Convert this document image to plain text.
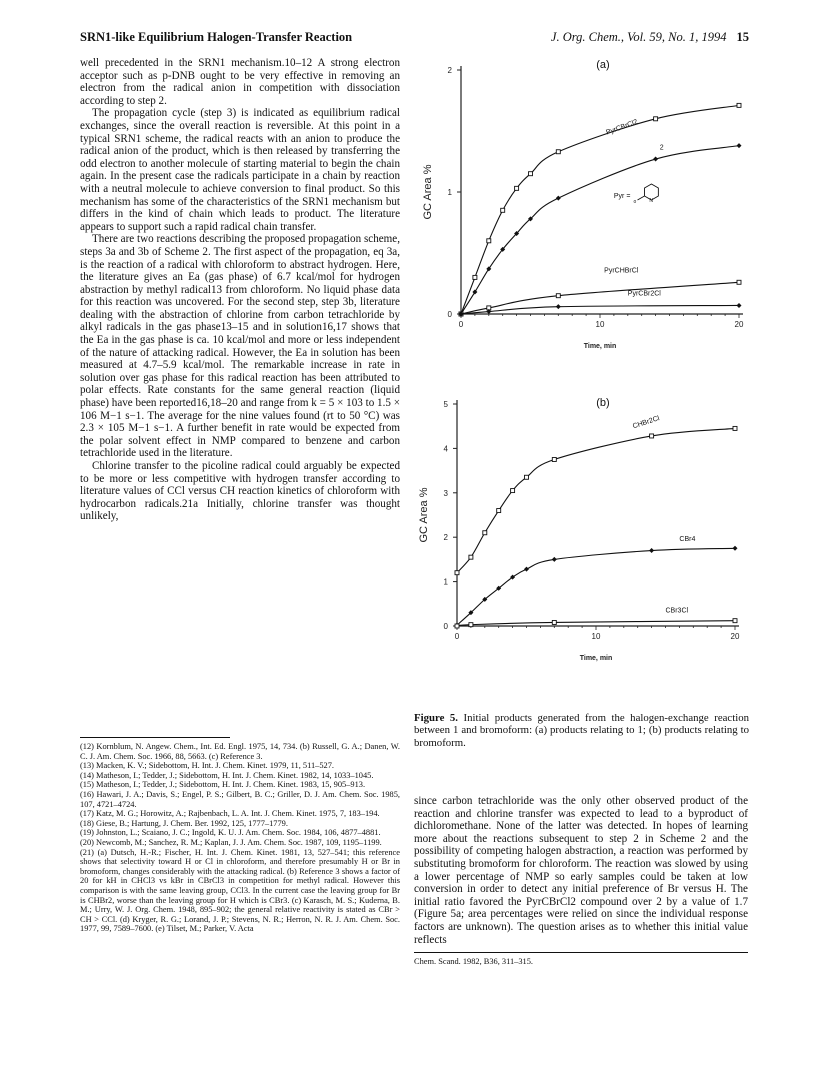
SRN1-like Equilibrium Halogen-Transfer Reaction	J. Org. Chem., Vol. 59, No. 1, 1994 15

well precedented in the SRN1 mechanism.10–12 A strong electron acceptor such as p-DNB ought to be very effective in removing an electron from the radical anion in competition with dissociation according to step 2.

The propagation cycle (step 3) is indicated as equilibrium radical exchanges, since the overall reaction is reversible. At this point in a typical SRN1 scheme, the radical reacts with an anion to produce the radical anion of the product, which is then released by transferring the odd electron to another molecule of starting material to begin the chain again. In the present case the radicals participate in a chain by reaction with a neutral molecule to achieve conversion to final product. So this mechanism has some of the characteristics of the SRN1 mechanism but differs in the kind of chain which leads to product. The literature appears to support such a rapid radical chain transfer.

There are two reactions describing the proposed propagation scheme, steps 3a and 3b of Scheme 2. The first aspect of the propagation, eq 3a, is the reaction of a radical with chloroform to abstract hydrogen. Here, the literature gives an Ea (gas phase) of 6.7 kcal/mol for hydrogen abstraction by methyl radical13 from chloroform. No liquid phase data for this reaction was uncovered. For the second step, step 3b, literature dealing with the abstraction of chlorine from carbon tetrachloride by alkyl radicals in the gas phase13–15 and in solution16,17 shows that the Ea in the gas phase is ca. 10 kcal/mol and more or less independent of the nature of attacking radical. However, the Ea in solution has been measured at 4.7–5.9 kcal/mol. The remarkable increase in rate in solution over gas phase for this radical reaction has been attributed to polar effects. Rate constants for the same general reaction (liquid phase) have been reported16,18–20 and range from k = 5 × 103 to 1.5 × 106 M−1 s−1. The average for the nine values found (rt to 50 °C) was 2.3 × 105 M−1 s−1. A further benefit in rate would be expected from the polar solvent effect in NMP compared to benzene and carbon tetrachloride used in the literature.

Chlorine transfer to the picoline radical could arguably be expected to be more or less competitive with hydrogen transfer according to literature values of CCl versus CH reaction kinetics of chloroform with hydrocarbon radicals.21a Initially, chlorine transfer was thought unlikely,

(12) Kornblum, N. Angew. Chem., Int. Ed. Engl. 1975, 14, 734. (b) Russell, G. A.; Danen, W. C. J. Am. Chem. Soc. 1966, 88, 5663. (c) Reference 3.
(13) Macken, K. V.; Sidebottom, H. Int. J. Chem. Kinet. 1979, 11, 511–527.
(14) Matheson, I.; Tedder, J.; Sidebottom, H. Int. J. Chem. Kinet. 1982, 14, 1033–1045.
(15) Matheson, I.; Tedder, J.; Sidebottom, H. Int. J. Chem. Kinet. 1983, 15, 905–913.
(16) Hawari, J. A.; Davis, S.; Engel, P. S.; Gilbert, B. C.; Griller, D. J. Am. Chem. Soc. 1985, 107, 4721–4724.
(17) Katz, M. G.; Horowitz, A.; Rajbenbach, L. A. Int. J. Chem. Kinet. 1975, 7, 183–194.
(18) Giese, B.; Hartung, J. Chem. Ber. 1992, 125, 1777–1779.
(19) Johnston, L.; Scaiano, J. C.; Ingold, K. U. J. Am. Chem. Soc. 1984, 106, 4877–4881.
(20) Newcomb, M.; Sanchez, R. M.; Kaplan, J. J. Am. Chem. Soc. 1987, 109, 1195–1199.
(21) (a) Dutsch, H.-R.; Fischer, H. Int. J. Chem. Kinet. 1981, 13, 527–541; this reference shows that selectivity toward H or Cl in chloroform, and therefore presumably H or Br in bromoform, changes considerably with the attacking radical. (b) Reference 3 shows a factor of 20 for kH in CHCl3 vs kBr in CBrCl3 in competition for methyl radical. However this comparison is with the same leaving group, CCl3. In the current case the leaving group for Br is CHBr2, worse than the leaving group for H which is CBr3. (c) Karasch, M. S.; Kuderna, B. M.; Urry, W. J. Org. Chem. 1948, 895–902; the general relative reactivity is stated as CBr > CH > CCl. (d) Kryger, R. G.; Lorand, J. P.; Stevens, N. R.; Herron, N. R. J. Am. Chem. Soc. 1977, 99, 7589–7600. (e) Tilset, M.; Parker, V. Acta
0
1
2
0	10	20
Time, min
GC Area %
(a)
PyrCBrCl2
2
PyrCHBrCl
PyrCBr2Cl
Pyr =
N
o
0
1
2
3
4
5
0	10	20
Time, min
GC Area %
(b)
CHBr2Cl
CBr4
CBr3Cl
Figure 5. Initial products generated from the halogen-exchange reaction between 1 and bromoform: (a) products relating to 1; (b) products relating to bromoform.

since carbon tetrachloride was the only other observed product of the reaction and chlorine transfer was expected to lead to a byproduct of dichloromethane. None of the latter was detected. In hopes of learning more about the reactions subsequent to step 2 in Scheme 2 and the possibility of competing halogen abstraction, a reaction was performed by substituting bromoform for chloroform. The reaction was slowed by using a lower percentage of NMP so early samples could be taken at low conversion in order to detect any initial preference of Br versus H. The initial ratio favored the PyrCBrCl2 compound over 2 by a value of 1.7 (Figure 5a; area percentages were relied on since the individual response factors are unknown). The question arises as to whether this initial value reflects

Chem. Scand. 1982, B36, 311–315.
